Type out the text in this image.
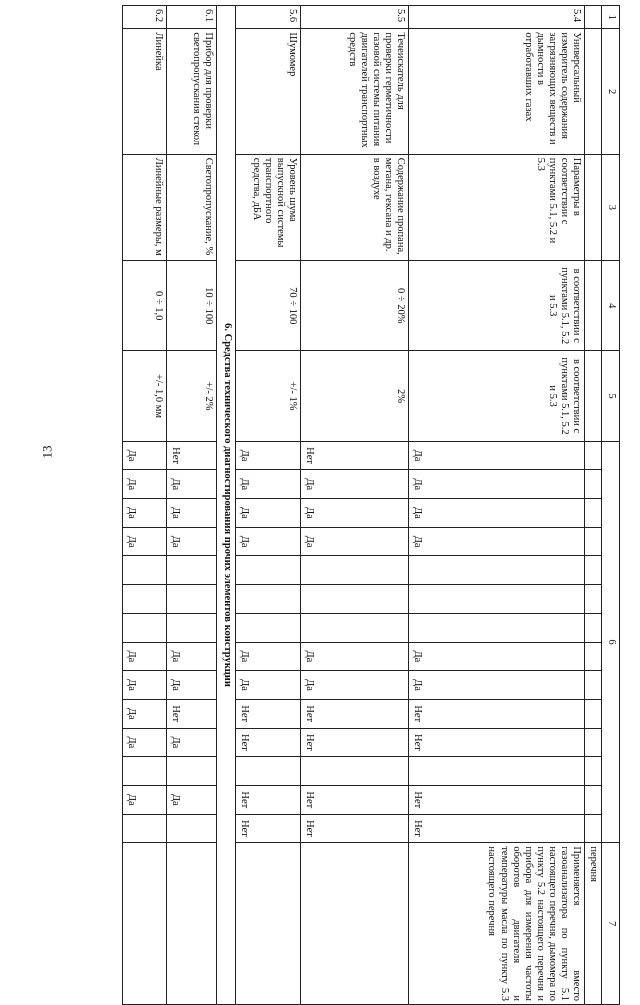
13
1	2	3	4	5	6														7
																			перечня
5.4	Универсальный измеритель содержания загрязняющих веществ и дымности в отработавших газах	Параметры в соответствии с пунктами 5.1, 5.2 и 5.3	в соответствии с пунктами 5.1, 5.2 и 5.3	в соответствии с пунктами 5.1, 5.2 и 5.3	Да	Да	Да	Да				Да	Да	Нет	Нет		Нет	Нет	Применяется вместо газоанализатора по пункту 5.1 настоящего перечня, дымомера по пункту 5.2 настоящего перечня и прибора для измерения частоты оборотов двигателя и температуры масла по пункту 5.3 настоящего перечня
5.5	Течеискатель для проверки герметичности газовой системы питания двигателей транспортных средств	Содержание пропана, метана, гексана и др. в воздухе	0 ÷ 20%	2%	Нет	Да	Да	Да				Да	Да	Нет	Нет		Нет	Нет	
5.6	Шумомер	Уровень шума выпускной системы транспортного средства, дБА	70 ÷ 100	+/- 1%	Да	Да	Да	Да				Да	Да	Нет	Нет		Нет	Нет	
6. Средства технического диагностирования прочих элементов конструкции																			
6.1	Прибор для проверки светопропускания стекол	Светопропускание, %	10 ÷ 100	+/- 2%	Нет	Да	Да	Да				Да	Да	Нет	Да		Да		
6.2	Линейка	Линейные размеры, м	0 ÷ 1,0	+/- 1,0 мм	Да	Да	Да	Да				Да	Да	Да	Да		Да		
